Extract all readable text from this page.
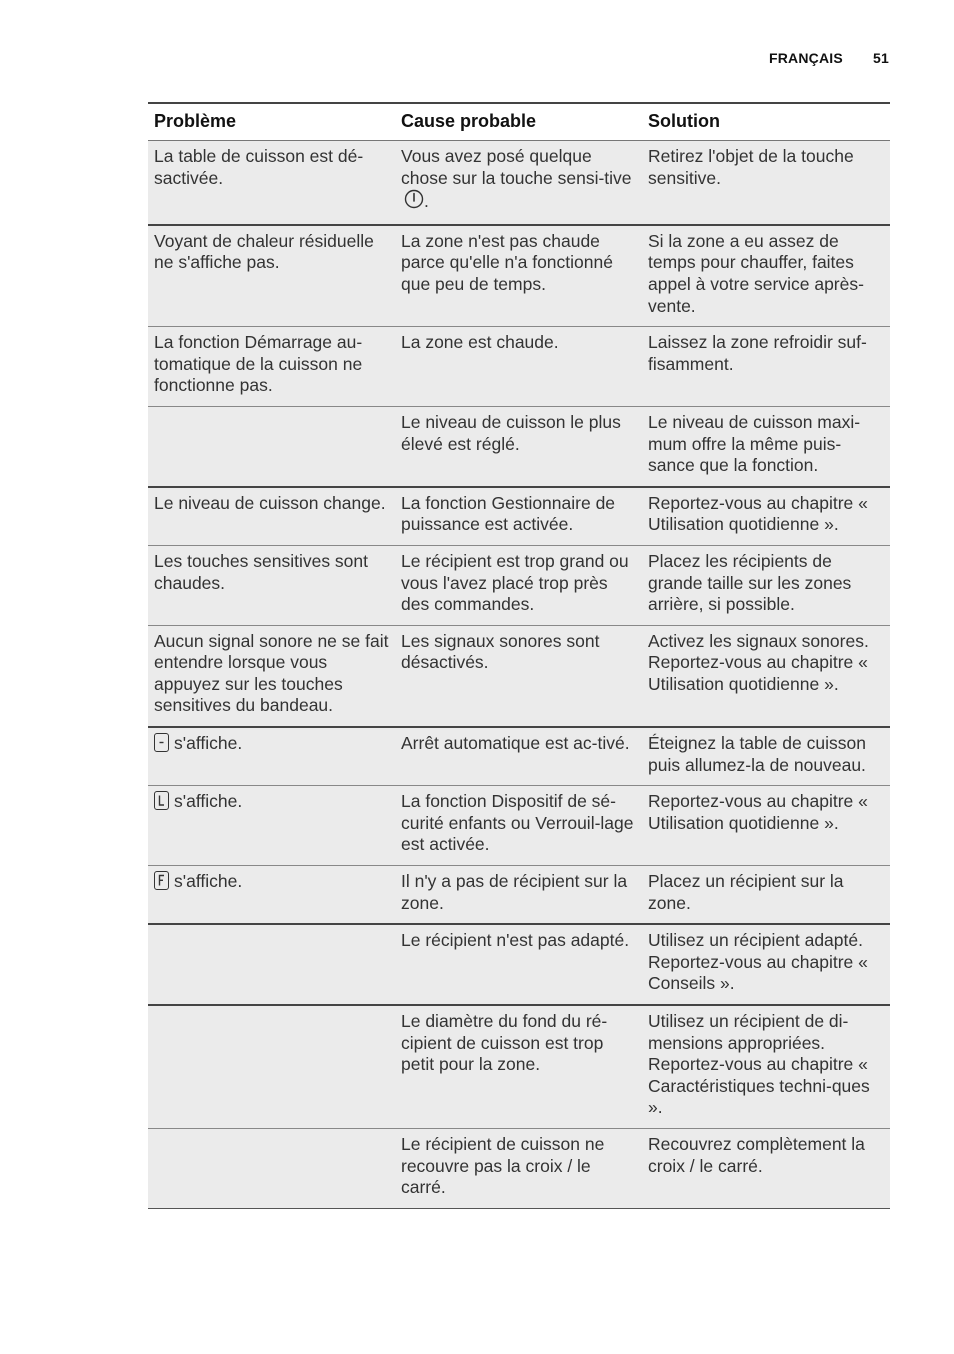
FRANÇAIS 51
Problème	Cause probable	Solution
La table de cuisson est dé-sactivée.	Vous avez posé quelque chose sur la touche sensi-tive .	Retirez l'objet de la touche sensitive.
Voyant de chaleur résiduelle ne s'affiche pas.	La zone n'est pas chaude parce qu'elle n'a fonctionné que peu de temps.	Si la zone a eu assez de temps pour chauffer, faites appel à votre service après-vente.
La fonction Démarrage au-tomatique de la cuisson ne fonctionne pas.	La zone est chaude.	Laissez la zone refroidir suf-fisamment.
	Le niveau de cuisson le plus élevé est réglé.	Le niveau de cuisson maxi-mum offre la même puis-sance que la fonction.
Le niveau de cuisson change.	La fonction Gestionnaire de puissance est activée.	Reportez-vous au chapitre « Utilisation quotidienne ».
Les touches sensitives sont chaudes.	Le récipient est trop grand ou vous l'avez placé trop près des commandes.	Placez les récipients de grande taille sur les zones arrière, si possible.
Aucun signal sonore ne se fait entendre lorsque vous appuyez sur les touches sensitives du bandeau.	Les signaux sonores sont désactivés.	Activez les signaux sonores. Reportez-vous au chapitre « Utilisation quotidienne ».

s'affiche.	Arrêt automatique est ac-tivé.	Éteignez la table de cuisson puis allumez-la de nouveau.

s'affiche.	La fonction Dispositif de sé-curité enfants ou Verrouil-lage est activée.	Reportez-vous au chapitre « Utilisation quotidienne ».

s'affiche.	Il n'y a pas de récipient sur la zone.	Placez un récipient sur la zone.
	Le récipient n'est pas adapté.	Utilisez un récipient adapté. Reportez-vous au chapitre « Conseils ».
	Le diamètre du fond du ré-cipient de cuisson est trop petit pour la zone.	Utilisez un récipient de di-mensions appropriées. Reportez-vous au chapitre « Caractéristiques techni-ques ».
	Le récipient de cuisson ne recouvre pas la croix / le carré.	Recouvrez complètement la croix / le carré.
